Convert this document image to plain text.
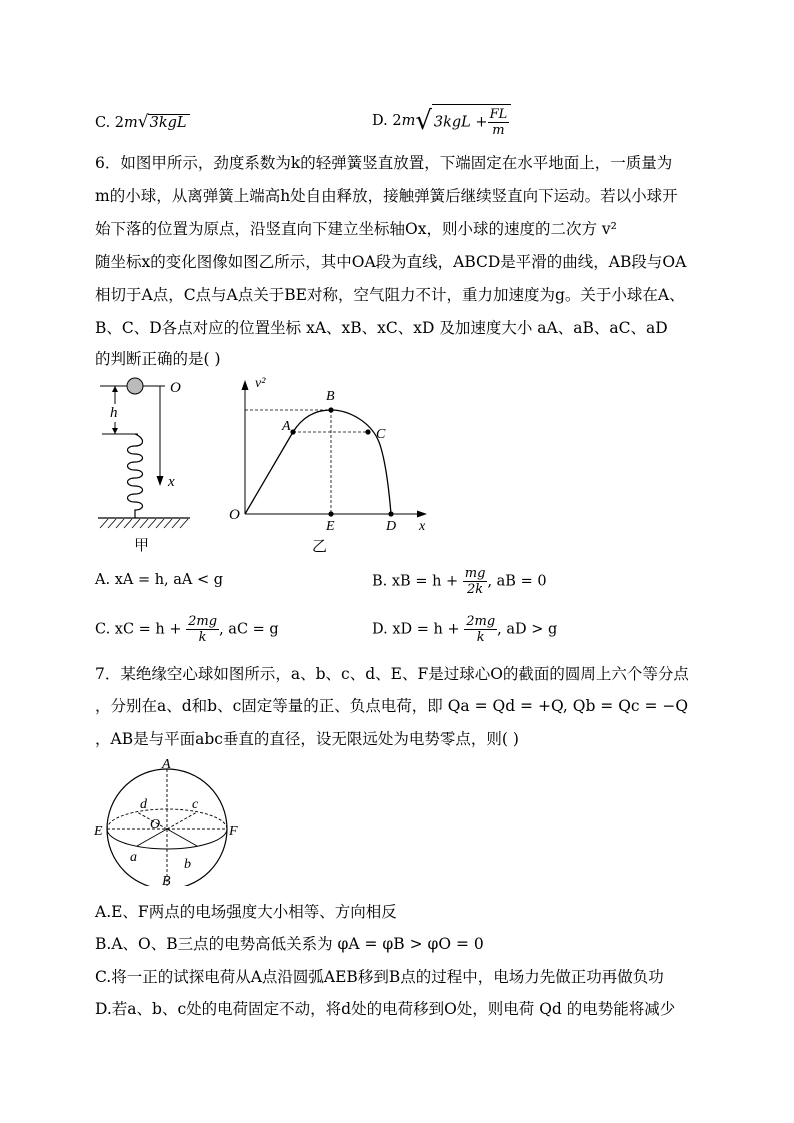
C. 2m√3kgL	D. 2m√ $3kgL + \frac{FL}{m}$
6．如图甲所示，劲度系数为k的轻弹簧竖直放置，下端固定在水平地面上，一质量为
m的小球，从离弹簧上端高h处自由释放，接触弹簧后继续竖直向下运动。若以小球开
始下落的位置为原点，沿竖直向下建立坐标轴Ox，则小球的速度的二次方 v²
随坐标x的变化图像如图乙所示，其中OA段为直线，ABCD是平滑的曲线，AB段与OA
相切于A点，C点与A点关于BE对称，空气阻力不计，重力加速度为g。关于小球在A、
B、C、D各点对应的位置坐标 xA、xB、xC、xD 及加速度大小 aA、aB、aC、aD
的判断正确的是( )
h
O
x
甲
v²
A
B
C
D
E
O
x
乙
A. xA = h, aA < g	B. xB = $h + \frac{mg}{2k}$ , aB = 0
C. xC = $h + \frac{2mg}{k}$ , aC = g	D. xD = $h + \frac{2mg}{k}$ , aD > g
7．某绝缘空心球如图所示，a、b、c、d、E、F是过球心O的截面的圆周上六个等分点
，分别在a、d和b、c固定等量的正、负点电荷，即 Qa = Qd = +Q, Qb = Qc = −Q
，AB是与平面abc垂直的直径，设无限远处为电势零点，则( )
A
d	c
E	O	F
a	b
B
A.E、F两点的电场强度大小相等、方向相反
B.A、O、B三点的电势高低关系为 φA = φB > φO = 0
C.将一正的试探电荷从A点沿圆弧AEB移到B点的过程中，电场力先做正功再做负功
D.若a、b、c处的电荷固定不动，将d处的电荷移到O处，则电荷 Qd 的电势能将减少
